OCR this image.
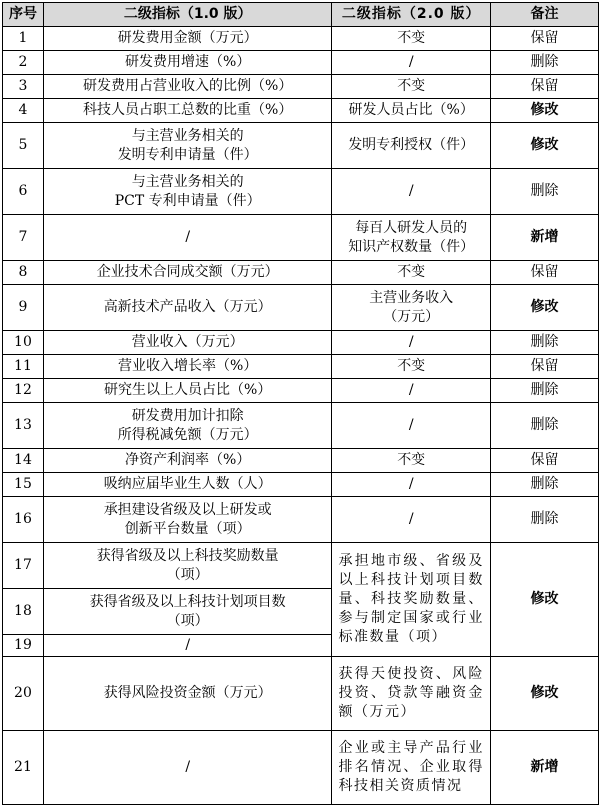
序号	二级指标（1.0 版）	二级指标（2.0 版）	备注
1	研发费用金额（万元）	不变	保留
2	研发费用增速（%）	/	删除
3	研发费用占营业收入的比例（%）	不变	保留
4	科技人员占职工总数的比重（%）	研发人员占比（%）	修改
5	与主营业务相关的
发明专利申请量（件）	发明专利授权（件）	修改
6	与主营业务相关的
PCT 专利申请量（件）	/	删除
7	/	每百人研发人员的
知识产权数量（件）	新增
8	企业技术合同成交额（万元）	不变	保留
9	高新技术产品收入（万元）	主营业务收入
（万元）	修改
10	营业收入（万元）	/	删除
11	营业收入增长率（%）	不变	保留
12	研究生以上人员占比（%）	/	删除
13	研发费用加计扣除
所得税减免额（万元）	/	删除
14	净资产利润率（%）	不变	保留
15	吸纳应届毕业生人数（人）	/	删除
16	承担建设省级及以上研发或
创新平台数量（项）	/	删除
17	获得省级及以上科技奖励数量
（项）	承担地市级、省级及以上科技计划项目数量、科技奖励数量、参与制定国家或行业标准数量（项）	修改
18	获得省级及以上科技计划项目数
（项）		

19	/		

20	获得风险投资金额（万元）	获得天使投资、风险投资、贷款等融资金额（万元）	修改
21	/	企业或主导产品行业排名情况、企业取得科技相关资质情况	新增
